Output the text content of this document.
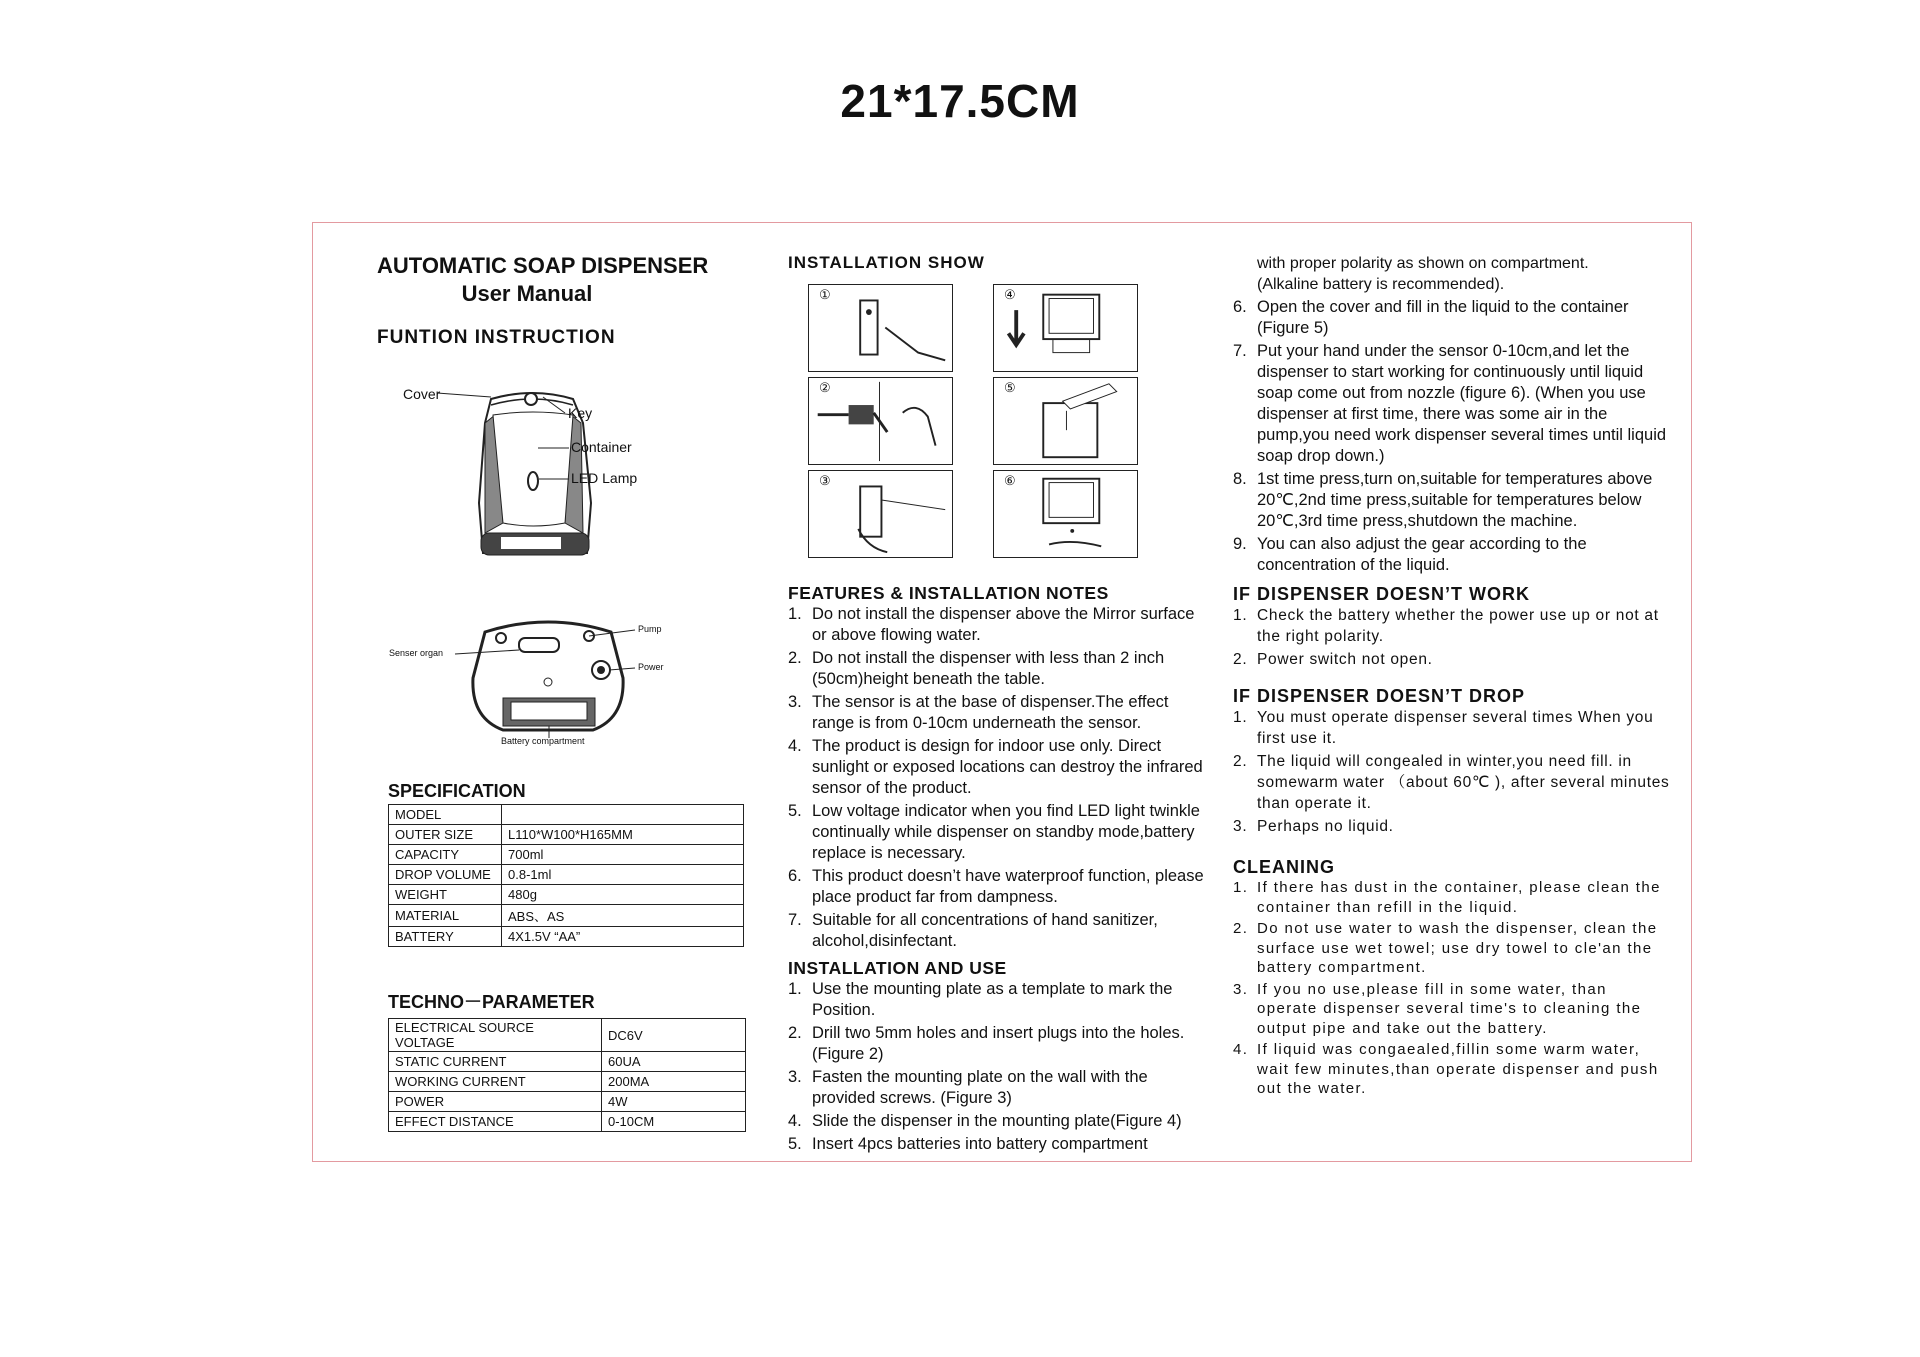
21*17.5CM
AUTOMATIC SOAP DISPENSER
User Manual
FUNTION INSTRUCTION
Cover
Key
Container
LED Lamp
Senser organ
Pump
Power
Battery compartment
SPECIFICATION
MODEL	
OUTER SIZE	L110*W100*H165MM
CAPACITY	700ml
DROP VOLUME	0.8-1ml
WEIGHT	480g
MATERIAL	ABS、AS
BATTERY	4X1.5V “AA”
TECHNO－PARAMETER
ELECTRICAL SOURCE VOLTAGE	DC6V
STATIC CURRENT	60UA
WORKING CURRENT	200MA
POWER	4W
EFFECT DISTANCE	0-10CM
INSTALLATION SHOW
①
②
③
④
⑤
⑥
FEATURES & INSTALLATION NOTES
1. Do not install the dispenser above the Mirror surface or above flowing water.
2. Do not install the dispenser with less than 2 inch (50cm)height beneath the table.
3. The sensor is at the base of dispenser.The effect range is from 0-10cm underneath the sensor.
4. The product is design for indoor use only. Direct sunlight or exposed locations can destroy the infrared sensor of the product.
5. Low voltage indicator when you find LED light twinkle continually while dispenser on standby mode,battery replace is necessary.
6. This product doesn’t have waterproof function, please place product far from dampness.
7. Suitable for all concentrations of hand sanitizer, alcohol,disinfectant.
INSTALLATION AND USE
1. Use the mounting plate as a template to mark the Position.
2. Drill two 5mm holes and insert plugs into the holes. (Figure 2)
3. Fasten the mounting plate on the wall with the provided screws. (Figure 3)
4. Slide the dispenser in the mounting plate(Figure 4)
5. Insert 4pcs batteries into battery compartment
with proper polarity as shown on compartment.
(Alkaline battery is recommended).
6. Open the cover and fill in the liquid to the container (Figure 5)
7. Put your hand under the sensor 0-10cm,and let the dispenser to start working for continuously until liquid soap come out from nozzle (figure 6). (When you use dispenser at first time, there was some air in the pump,you need work dispenser several times until liquid soap drop down.)
8. 1st time press,turn on,suitable for temperatures above 20℃,2nd time press,suitable for temperatures below 20℃,3rd time press,shutdown the machine.
9. You can also adjust the gear according to the concentration of the liquid.
IF DISPENSER DOESN’T WORK
1. Check the battery whether the power use up or not at the right polarity.
2. Power switch not open.
IF DISPENSER DOESN’T DROP
1. You must operate dispenser several times When you first use it.
2. The liquid will congealed in winter,you need fill. in somewarm water （about 60℃ ), after several minutes than operate it.
3. Perhaps no liquid.
CLEANING
1. If there has dust in the container, please clean the container than refill in the liquid.
2. Do not use water to wash the dispenser, clean the surface use wet towel; use dry towel to cle'an the battery compartment.
3. If you no use,please fill in some water, than operate dispenser several time's to cleaning the output pipe and take out the battery.
4. If liquid was congaealed,fillin some warm water, wait few minutes,than operate dispenser and push out the water.
